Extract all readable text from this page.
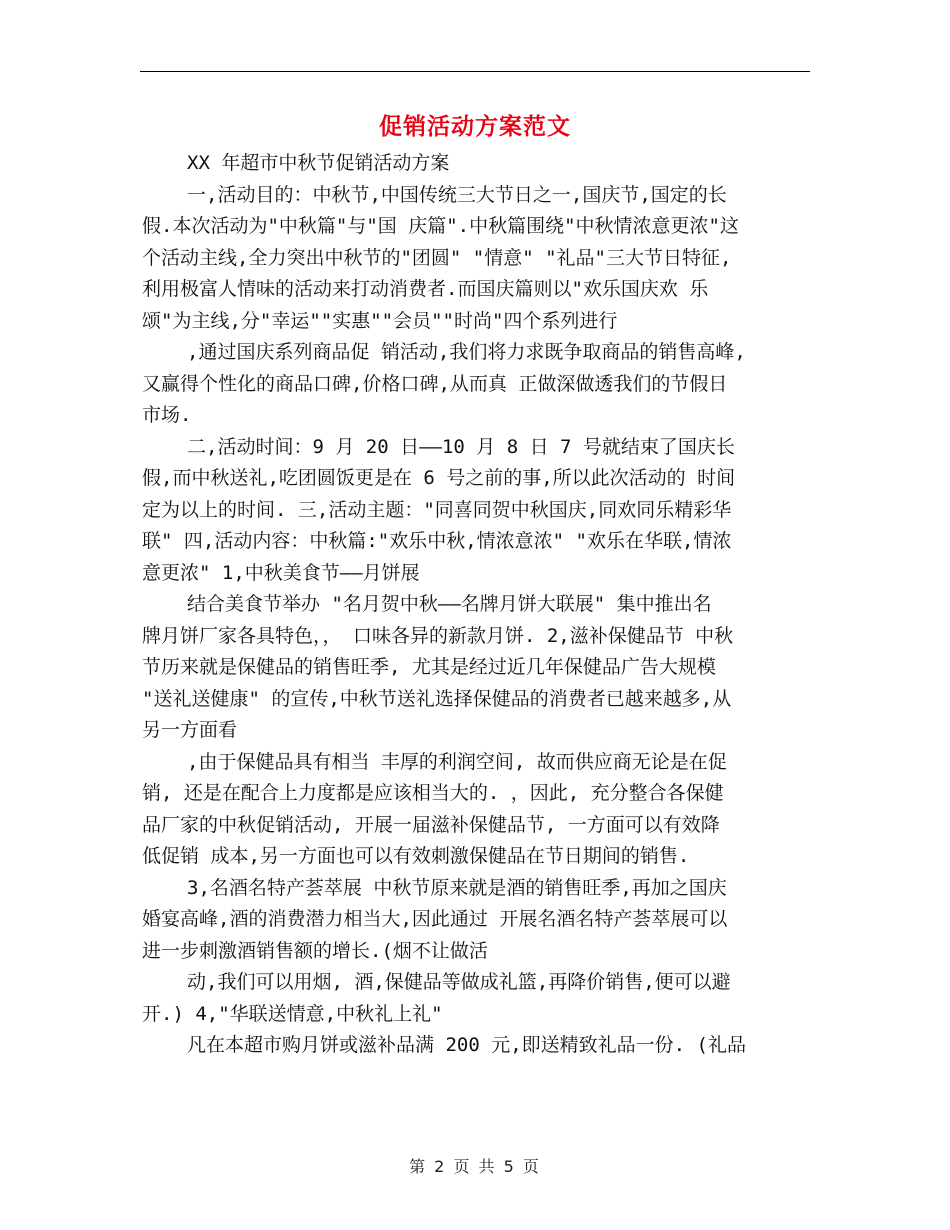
促销活动方案范文
XX 年超市中秋节促销活动方案
一,活动目的：中秋节,中国传统三大节日之一,国庆节,国定的长
假.本次活动为"中秋篇"与"国 庆篇".中秋篇围绕"中秋情浓意更浓"这
个活动主线,全力突出中秋节的"团圆" "情意" "礼品"三大节日特征,
利用极富人情味的活动来打动消费者.而国庆篇则以"欢乐国庆欢 乐
颂"为主线,分"幸运""实惠""会员""时尚"四个系列进行
,通过国庆系列商品促 销活动,我们将力求既争取商品的销售高峰,
又赢得个性化的商品口碑,价格口碑,从而真 正做深做透我们的节假日
市场.
二,活动时间：9 月 20 日——10 月 8 日 7 号就结束了国庆长
假,而中秋送礼,吃团圆饭更是在 6 号之前的事,所以此次活动的 时间
定为以上的时间. 三,活动主题："同喜同贺中秋国庆,同欢同乐精彩华
联" 四,活动内容：中秋篇:"欢乐中秋,情浓意浓" "欢乐在华联,情浓
意更浓" 1,中秋美食节——月饼展
结合美食节举办 "名月贺中秋——名牌月饼大联展" 集中推出名
牌月饼厂家各具特色，， 口味各异的新款月饼. 2,滋补保健品节 中秋
节历来就是保健品的销售旺季, 尤其是经过近几年保健品广告大规模
"送礼送健康" 的宣传,中秋节送礼选择保健品的消费者已越来越多,从
另一方面看
,由于保健品具有相当 丰厚的利润空间, 故而供应商无论是在促
销, 还是在配合上力度都是应该相当大的. ，因此, 充分整合各保健
品厂家的中秋促销活动, 开展一届滋补保健品节, 一方面可以有效降
低促销 成本,另一方面也可以有效刺激保健品在节日期间的销售.
3,名酒名特产荟萃展 中秋节原来就是酒的销售旺季,再加之国庆
婚宴高峰,酒的消费潜力相当大,因此通过 开展名酒名特产荟萃展可以
进一步刺激酒销售额的增长.(烟不让做活
动,我们可以用烟, 酒,保健品等做成礼篮,再降价销售,便可以避
开.) 4,"华联送情意,中秋礼上礼"
凡在本超市购月饼或滋补品满 200 元,即送精致礼品一份. (礼品
第 2 页 共 5 页
